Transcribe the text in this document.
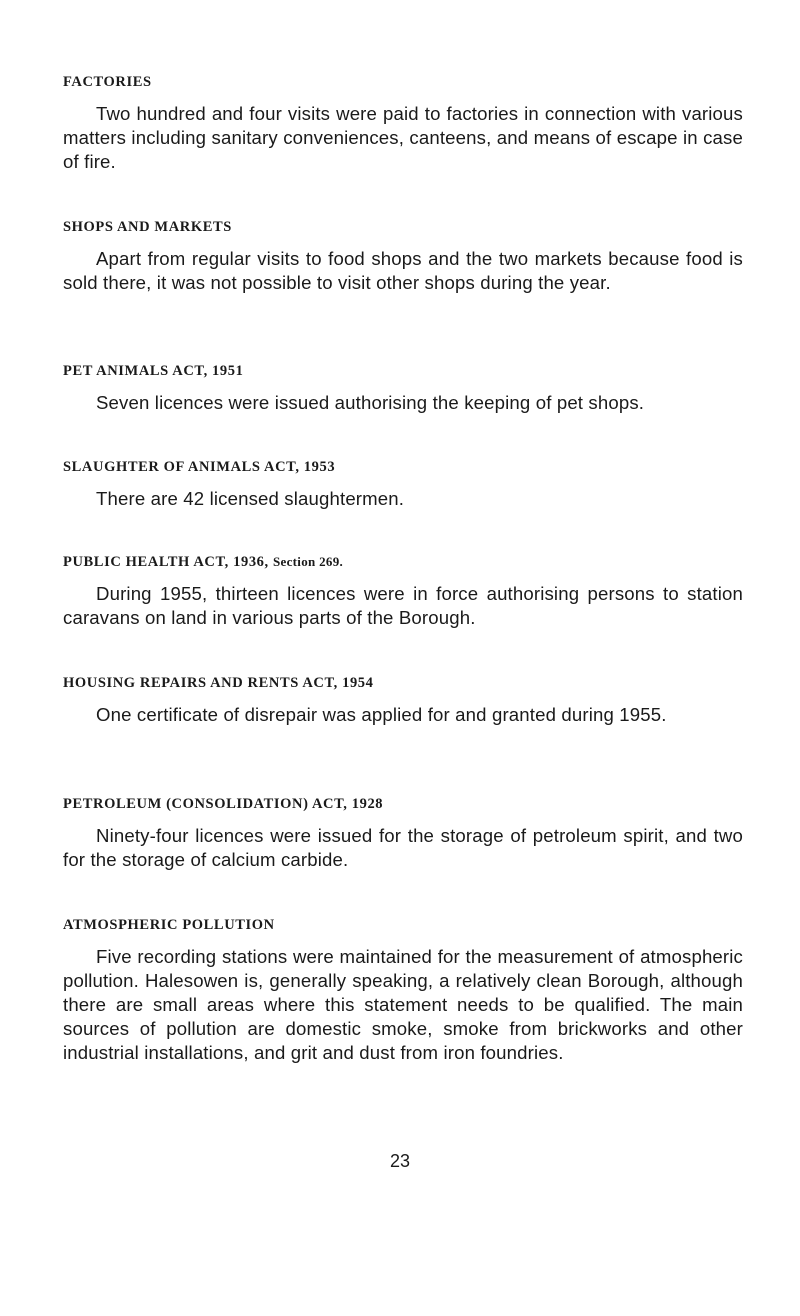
FACTORIES

Two hundred and four visits were paid to factories in connection with various matters including sanitary conveniences, canteens, and means of escape in case of fire.

SHOPS AND MARKETS

Apart from regular visits to food shops and the two markets because food is sold there, it was not possible to visit other shops during the year.

PET ANIMALS ACT, 1951

Seven licences were issued authorising the keeping of pet shops.

SLAUGHTER OF ANIMALS ACT, 1953

There are 42 licensed slaughtermen.

PUBLIC HEALTH ACT, 1936, Section 269.

During 1955, thirteen licences were in force authorising persons to station caravans on land in various parts of the Borough.

HOUSING REPAIRS AND RENTS ACT, 1954

One certificate of disrepair was applied for and granted during 1955.

PETROLEUM (CONSOLIDATION) ACT, 1928

Ninety-four licences were issued for the storage of petroleum spirit, and two for the storage of calcium carbide.

ATMOSPHERIC POLLUTION

Five recording stations were maintained for the measurement of atmospheric pollution. Halesowen is, generally speaking, a relatively clean Borough, although there are small areas where this statement needs to be qualified. The main sources of pollution are domestic smoke, smoke from brickworks and other industrial installations, and grit and dust from iron foundries.

23
